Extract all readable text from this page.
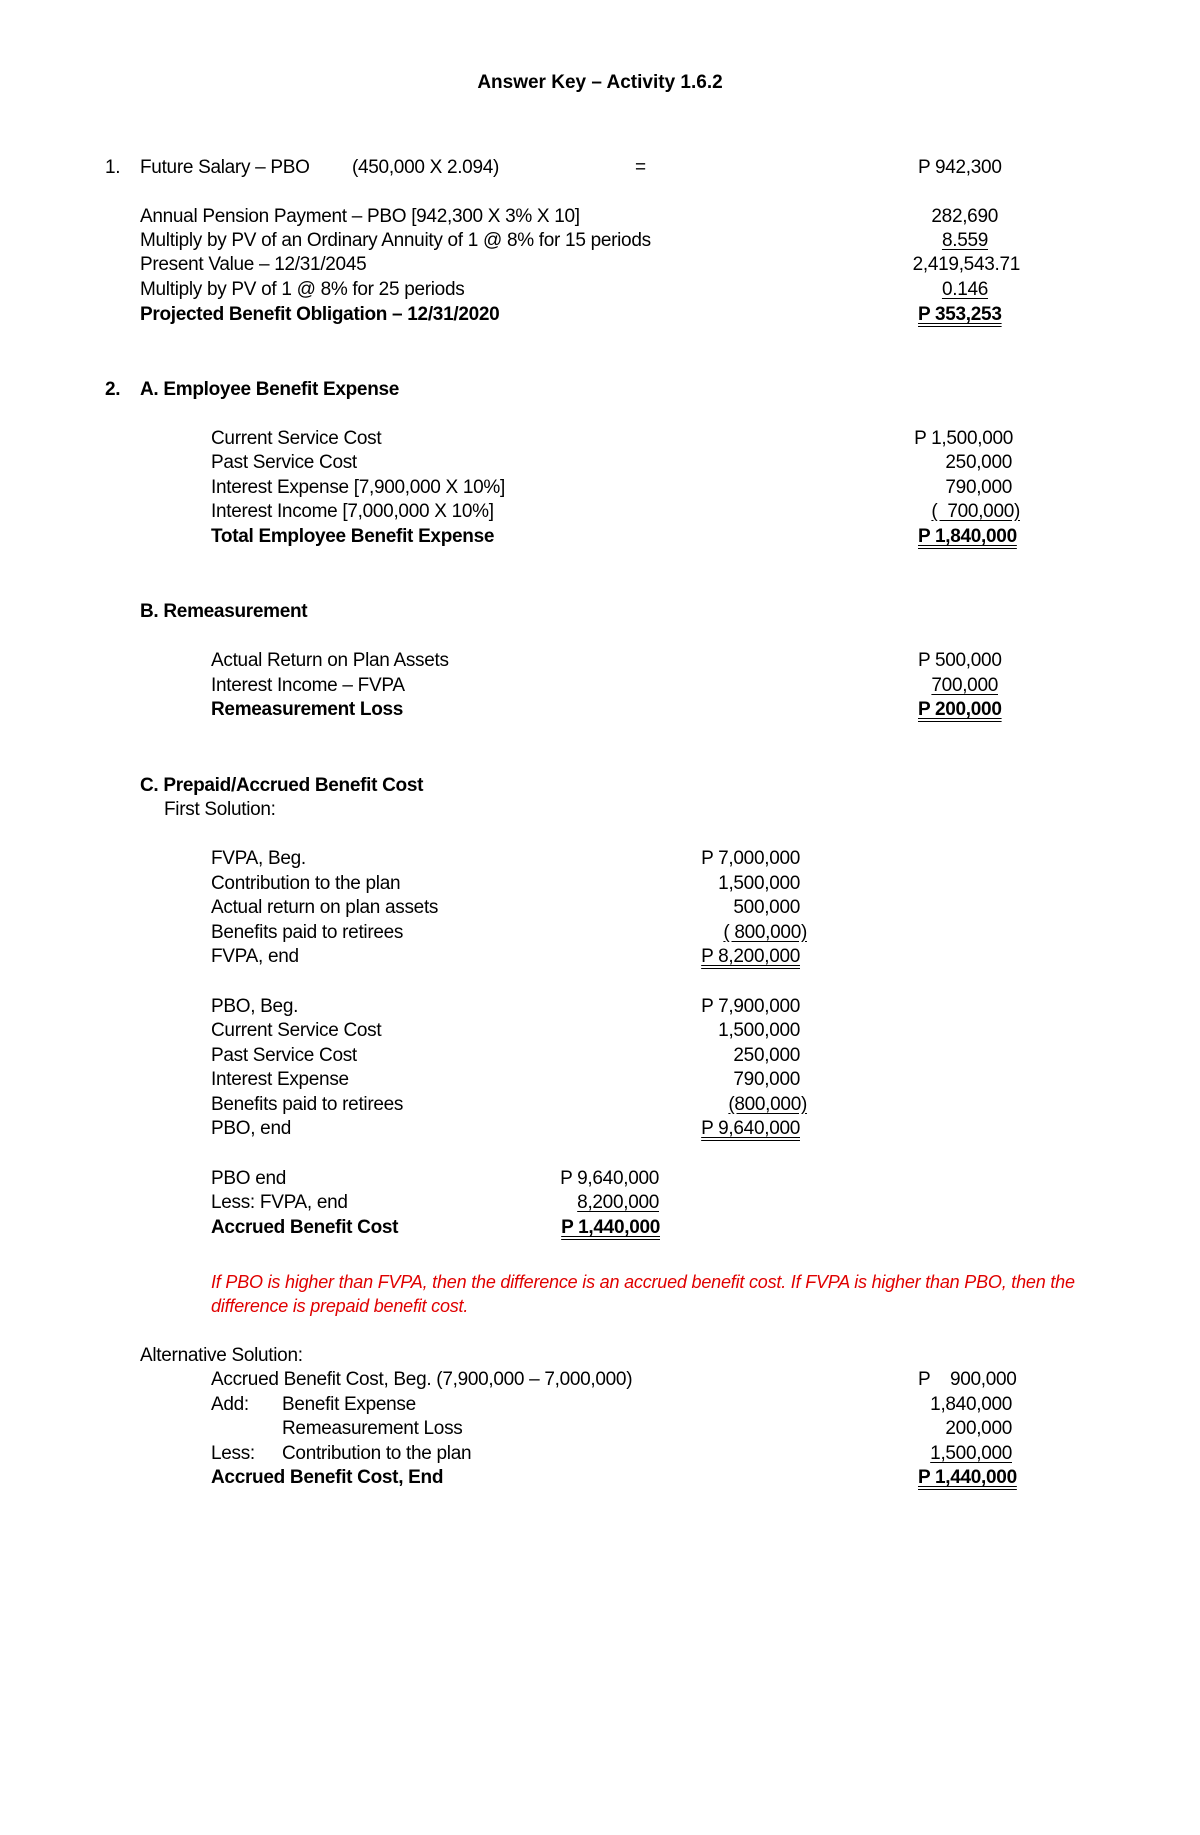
Answer Key – Activity 1.6.2
1. Future Salary – PBO (450,000 X 2.094)	=	P 942,300
Annual Pension Payment – PBO [942,300 X 3% X 10]	282,690
Multiply by PV of an Ordinary Annuity of 1 @ 8% for 15 periods	8.559
Present Value – 12/31/2045	2,419,543.71
Multiply by PV of 1 @ 8% for 25 periods	0.146
Projected Benefit Obligation – 12/31/2020	P 353,253
2. A. Employee Benefit Expense
Current Service Cost	P 1,500,000
Past Service Cost	250,000
Interest Expense [7,900,000 X 10%]	790,000
Interest Income [7,000,000 X 10%]	(  700,000)
Total Employee Benefit Expense	P 1,840,000
B. Remeasurement
Actual Return on Plan Assets	P 500,000
Interest Income – FVPA	700,000
Remeasurement Loss	P 200,000
C. Prepaid/Accrued Benefit Cost
First Solution:
FVPA, Beg.	P 7,000,000
Contribution to the plan	1,500,000
Actual return on plan assets	500,000
Benefits paid to retirees	( 800,000)
FVPA, end	P 8,200,000
PBO, Beg.	P 7,900,000
Current Service Cost	1,500,000
Past Service Cost	250,000
Interest Expense	790,000
Benefits paid to retirees	(800,000)
PBO, end	P 9,640,000
PBO end	P 9,640,000
Less: FVPA, end	8,200,000
Accrued Benefit Cost	P 1,440,000
If PBO is higher than FVPA, then the difference is an accrued benefit cost. If FVPA is higher than PBO, then the
difference is prepaid benefit cost.
Alternative Solution:
Accrued Benefit Cost, Beg. (7,900,000 – 7,000,000)	P    900,000
Add: Benefit Expense	1,840,000
Remeasurement Loss	200,000
Less: Contribution to the plan	1,500,000
Accrued Benefit Cost, End	P 1,440,000
